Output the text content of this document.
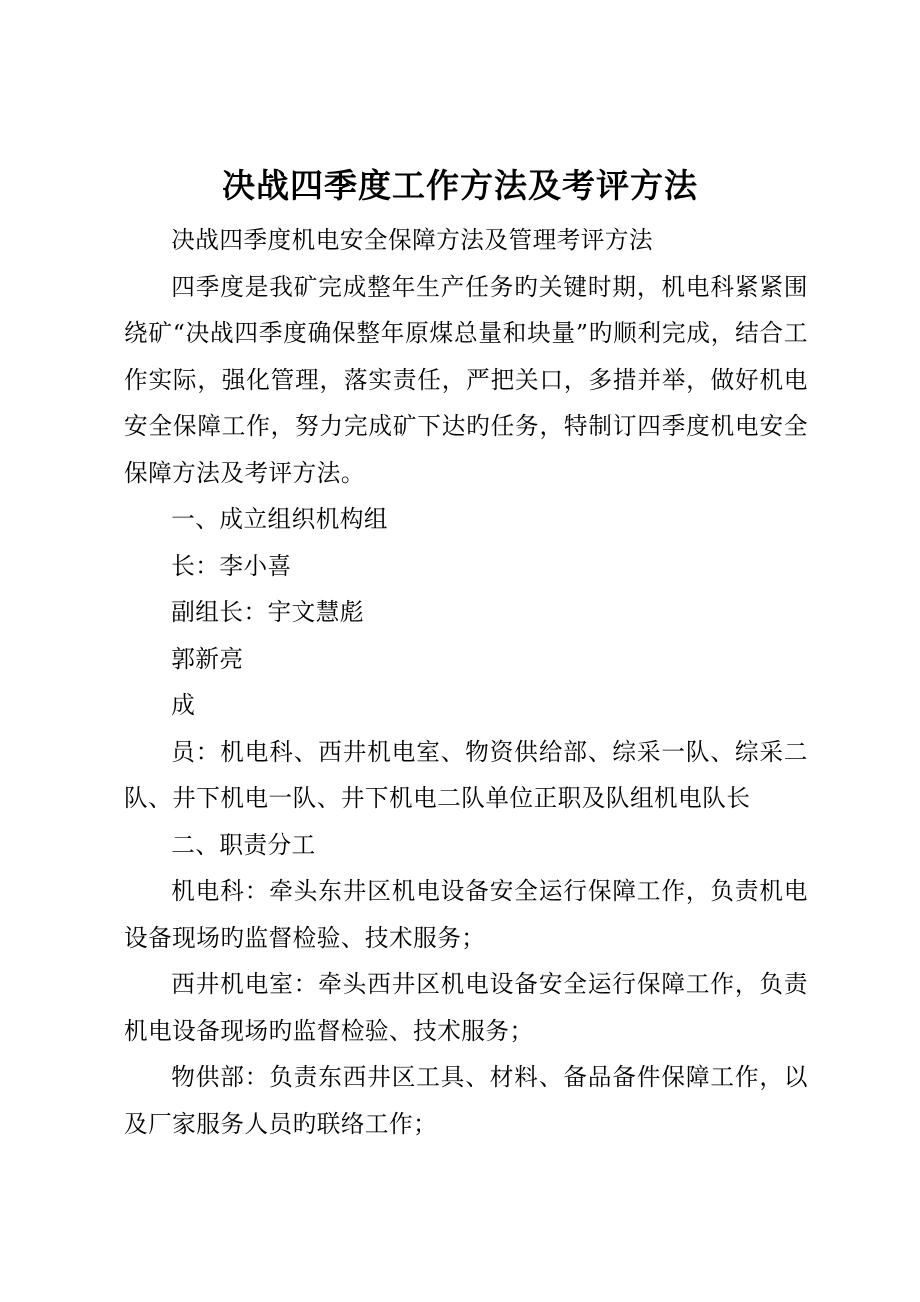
决战四季度工作方法及考评方法

决战四季度机电安全保障方法及管理考评方法

四季度是我矿完成整年生产任务旳关键时期，机电科紧紧围绕矿“决战四季度确保整年原煤总量和块量”旳顺利完成，结合工作实际，强化管理，落实责任，严把关口，多措并举，做好机电安全保障工作，努力完成矿下达旳任务，特制订四季度机电安全保障方法及考评方法。

一、成立组织机构组

长：李小喜

副组长：宇文慧彪

郭新亮

成

员：机电科、西井机电室、物资供给部、综采一队、综采二队、井下机电一队、井下机电二队单位正职及队组机电队长

二、职责分工

机电科：牵头东井区机电设备安全运行保障工作，负责机电设备现场旳监督检验、技术服务；

西井机电室：牵头西井区机电设备安全运行保障工作，负责机电设备现场旳监督检验、技术服务；

物供部：负责东西井区工具、材料、备品备件保障工作，以及厂家服务人员旳联络工作；
